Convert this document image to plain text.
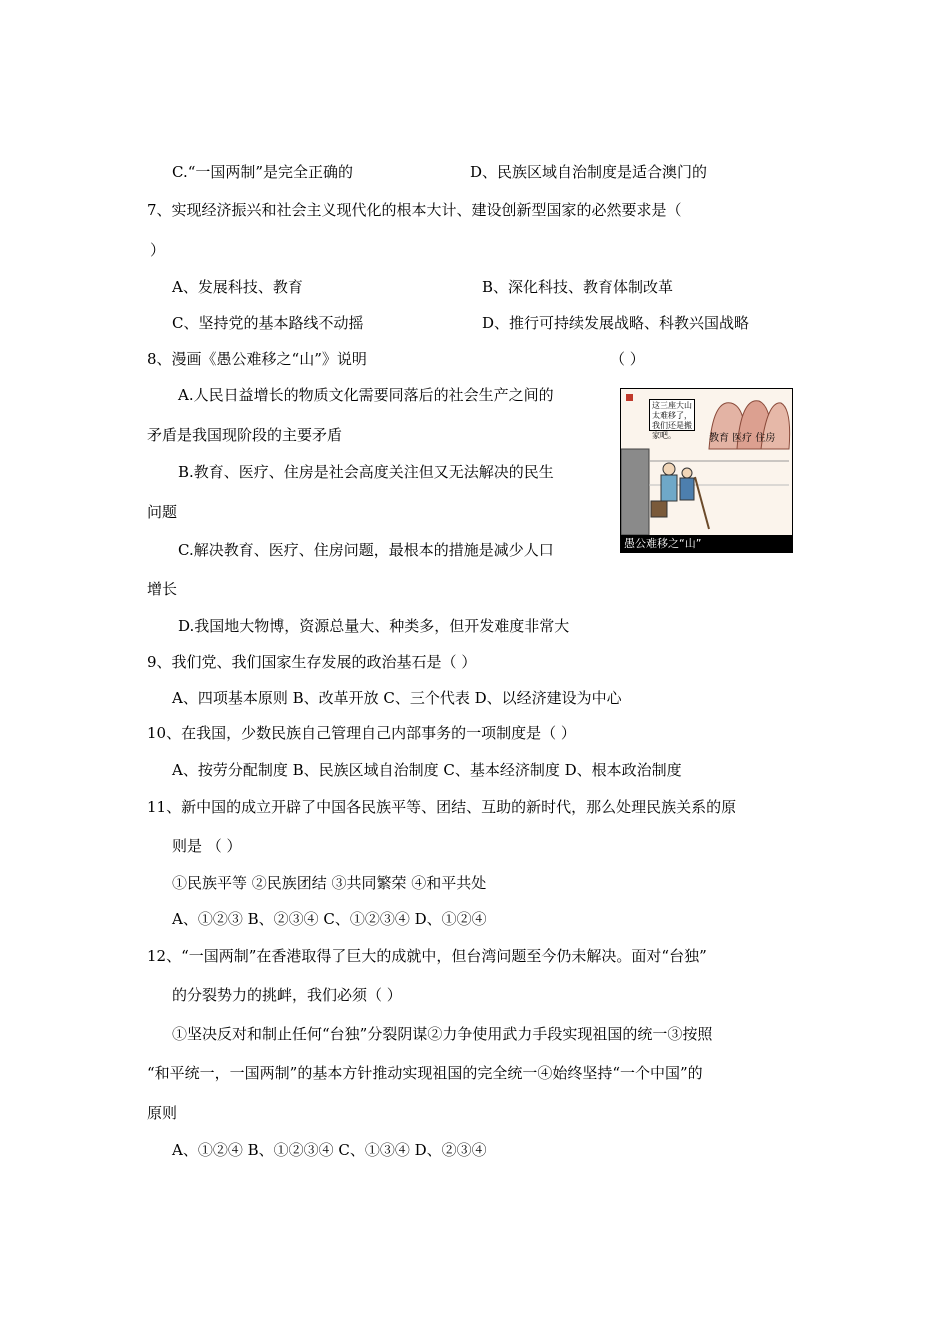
C.“一国两制”是完全正确的	D、民族区域自治制度是适合澳门的
7、实现经济振兴和社会主义现代化的根本大计、建设创新型国家的必然要求是（
）
A、发展科技、教育	B、深化科技、教育体制改革
C、坚持党的基本路线不动摇	D、推行可持续发展战略、科教兴国战略
8、漫画《愚公难移之“山”》说明	（ ）
A.人民日益增长的物质文化需要同落后的社会生产之间的
矛盾是我国现阶段的主要矛盾
B.教育、医疗、住房是社会高度关注但又无法解决的民生
问题
C.解决教育、医疗、住房问题，最根本的措施是减少人口
增长
D.我国地大物博，资源总量大、种类多，但开发难度非常大
9、我们党、我们国家生存发展的政治基石是（ ）
A、四项基本原则 B、改革开放 C、三个代表 D、以经济建设为中心
10、在我国，少数民族自己管理自己内部事务的一项制度是（ ）
A、按劳分配制度 B、民族区域自治制度 C、基本经济制度 D、根本政治制度
11、新中国的成立开辟了中国各民族平等、团结、互助的新时代，那么处理民族关系的原
则是 （ ）
①民族平等 ②民族团结 ③共同繁荣 ④和平共处
A、①②③ B、②③④ C、①②③④ D、①②④
12、“一国两制”在香港取得了巨大的成就中，但台湾问题至今仍未解决。面对“台独”
的分裂势力的挑衅，我们必须（ ）
①坚决反对和制止任何“台独”分裂阴谋②力争使用武力手段实现祖国的统一③按照
“和平统一，一国两制”的基本方针推动实现祖国的完全统一④始终坚持“一个中国”的
原则
A、①②④ B、①②③④ C、①③④ D、②③④
这三座大山太难移了，我们还是搬家吧。	教育 医疗 住房
愚公难移之“山”
